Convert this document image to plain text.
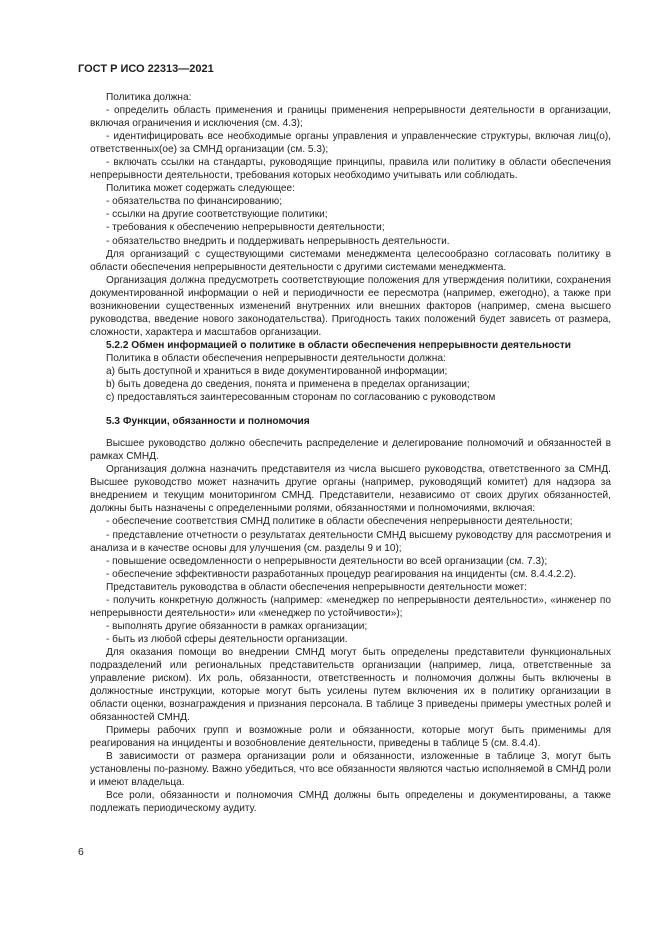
ГОСТ Р ИСО 22313—2021

Политика должна:

- определить область применения и границы применения непрерывности деятельности в организации, включая ограничения и исключения (см. 4.3);

- идентифицировать все необходимые органы управления и управленческие структуры, включая лиц(о), ответственных(ое) за СМНД организации (см. 5.3);

- включать ссылки на стандарты, руководящие принципы, правила или политику в области обеспечения непрерывности деятельности, требования которых необходимо учитывать или соблюдать.

Политика может содержать следующее:

- обязательства по финансированию;

- ссылки на другие соответствующие политики;

- требования к обеспечению непрерывности деятельности;

- обязательство внедрить и поддерживать непрерывность деятельности.

Для организаций с существующими системами менеджмента целесообразно согласовать политику в области обеспечения непрерывности деятельности с другими системами менеджмента.

Организация должна предусмотреть соответствующие положения для утверждения политики, сохранения документированной информации о ней и периодичности ее пересмотра (например, ежегодно), а также при возникновении существенных изменений внутренних или внешних факторов (например, смена высшего руководства, введение нового законодательства). Пригодность таких положений будет зависеть от размера, сложности, характера и масштабов организации.

5.2.2 Обмен информацией о политике в области обеспечения непрерывности деятельности

Политика в области обеспечения непрерывности деятельности должна:

a) быть доступной и храниться в виде документированной информации;

b) быть доведена до сведения, понята и применена в пределах организации;

c) предоставляться заинтересованным сторонам по согласованию с руководством

5.3 Функции, обязанности и полномочия

Высшее руководство должно обеспечить распределение и делегирование полномочий и обязанностей в рамках СМНД.

Организация должна назначить представителя из числа высшего руководства, ответственного за СМНД. Высшее руководство может назначить другие органы (например, руководящий комитет) для надзора за внедрением и текущим мониторингом СМНД. Представители, независимо от своих других обязанностей, должны быть назначены с определенными ролями, обязанностями и полномочиями, включая:

- обеспечение соответствия СМНД политике в области обеспечения непрерывности деятельности;

- представление отчетности о результатах деятельности СМНД высшему руководству для рассмотрения и анализа и в качестве основы для улучшения (см. разделы 9 и 10);

- повышение осведомленности о непрерывности деятельности во всей организации (см. 7.3);

- обеспечение эффективности разработанных процедур реагирования на инциденты (см. 8.4.4.2.2).

Представитель руководства в области обеспечения непрерывности деятельности может:

- получить конкретную должность (например: «менеджер по непрерывности деятельности», «инженер по непрерывности деятельности» или «менеджер по устойчивости»);

- выполнять другие обязанности в рамках организации;

- быть из любой сферы деятельности организации.

Для оказания помощи во внедрении СМНД могут быть определены представители функциональных подразделений или региональных представительств организации (например, лица, ответственные за управление риском). Их роль, обязанности, ответственность и полномочия должны быть включены в должностные инструкции, которые могут быть усилены путем включения их в политику организации в области оценки, вознаграждения и признания персонала. В таблице 3 приведены примеры уместных ролей и обязанностей СМНД.

Примеры рабочих групп и возможные роли и обязанности, которые могут быть применимы для реагирования на инциденты и возобновление деятельности, приведены в таблице 5 (см. 8.4.4).

В зависимости от размера организации роли и обязанности, изложенные в таблице 3, могут быть установлены по-разному. Важно убедиться, что все обязанности являются частью исполняемой в СМНД роли и имеют владельца.

Все роли, обязанности и полномочия СМНД должны быть определены и документированы, а также подлежать периодическому аудиту.

6
